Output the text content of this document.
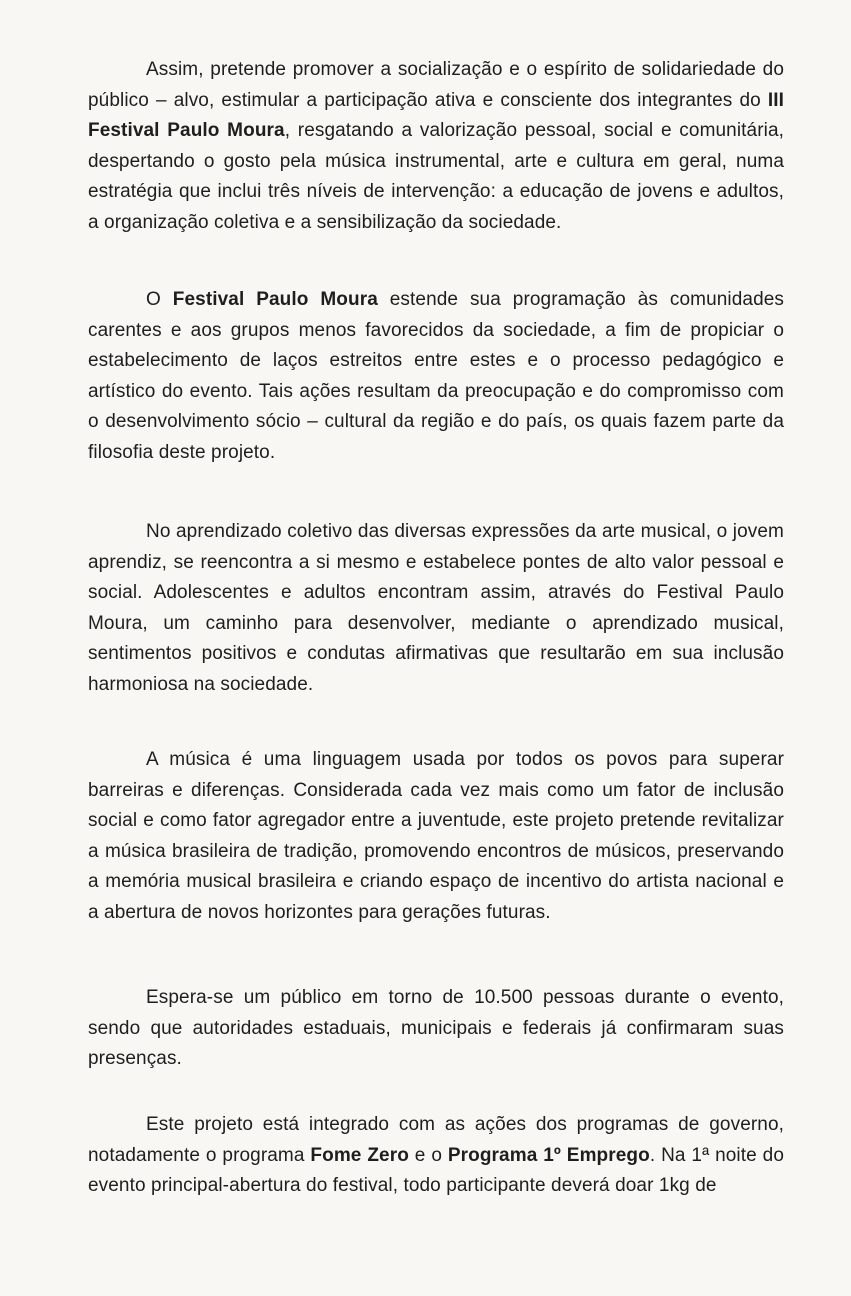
Assim, pretende promover a socialização e o espírito de solidariedade do público – alvo, estimular a participação ativa e consciente dos integrantes do III Festival Paulo Moura, resgatando a valorização pessoal, social e comunitária, despertando o gosto pela música instrumental, arte e cultura em geral, numa estratégia que inclui três níveis de intervenção: a educação de jovens e adultos, a organização coletiva e a sensibilização da sociedade.

O Festival Paulo Moura estende sua programação às comunidades carentes e aos grupos menos favorecidos da sociedade, a fim de propiciar o estabelecimento de laços estreitos entre estes e o processo pedagógico e artístico do evento. Tais ações resultam da preocupação e do compromisso com o desenvolvimento sócio – cultural da região e do país, os quais fazem parte da filosofia deste projeto.

No aprendizado coletivo das diversas expressões da arte musical, o jovem aprendiz, se reencontra a si mesmo e estabelece pontes de alto valor pessoal e social. Adolescentes e adultos encontram assim, através do Festival Paulo Moura, um caminho para desenvolver, mediante o aprendizado musical, sentimentos positivos e condutas afirmativas que resultarão em sua inclusão harmoniosa na sociedade.

A música é uma linguagem usada por todos os povos para superar barreiras e diferenças. Considerada cada vez mais como um fator de inclusão social e como fator agregador entre a juventude, este projeto pretende revitalizar a música brasileira de tradição, promovendo encontros de músicos, preservando a memória musical brasileira e criando espaço de incentivo do artista nacional e a abertura de novos horizontes para gerações futuras.

Espera-se um público em torno de 10.500 pessoas durante o evento, sendo que autoridades estaduais, municipais e federais já confirmaram suas presenças.

Este projeto está integrado com as ações dos programas de governo, notadamente o programa Fome Zero e o Programa 1º Emprego. Na 1ª noite do evento principal-abertura do festival, todo participante deverá doar 1kg de
